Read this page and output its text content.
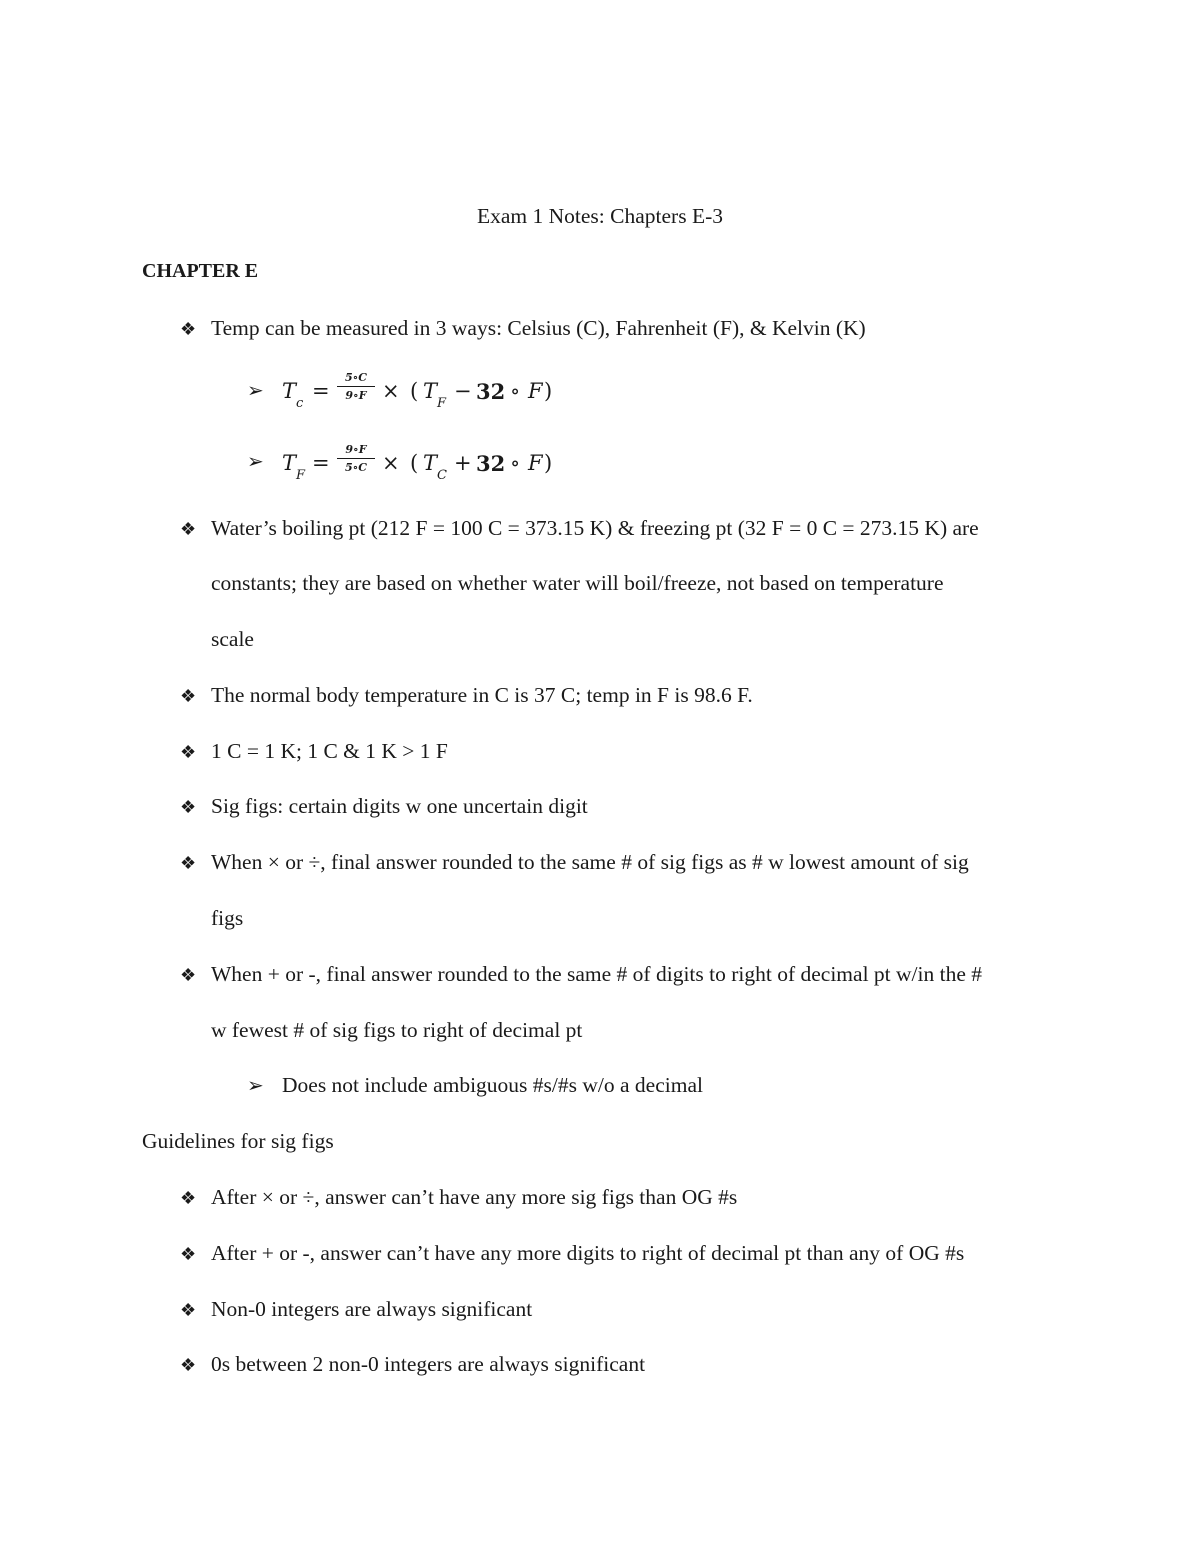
Exam 1 Notes: Chapters E-3
CHAPTER E
❖ Temp can be measured in 3 ways: Celsius (C), Fahrenheit (F), & Kelvin (K)
➢ T
c
=
5∘C
9∘F × ( T
F
− 32 ∘ F )
➢ T
F
=
9∘F
5∘C × ( T
C
+ 32 ∘ F )
❖ Water’s boiling pt (212 F = 100 C = 373.15 K) & freezing pt (32 F = 0 C = 273.15 K) are
constants; they are based on whether water will boil/freeze, not based on temperature
scale
❖ The normal body temperature in C is 37 C; temp in F is 98.6 F.
❖ 1 C = 1 K; 1 C & 1 K > 1 F
❖ Sig figs: certain digits w one uncertain digit
❖ When × or ÷, final answer rounded to the same # of sig figs as # w lowest amount of sig
figs
❖ When + or -, final answer rounded to the same # of digits to right of decimal pt w/in the #
w fewest # of sig figs to right of decimal pt
➢ Does not include ambiguous #s/#s w/o a decimal
Guidelines for sig figs
❖ After × or ÷, answer can’t have any more sig figs than OG #s
❖ After + or -, answer can’t have any more digits to right of decimal pt than any of OG #s
❖ Non-0 integers are always significant
❖ 0s between 2 non-0 integers are always significant
